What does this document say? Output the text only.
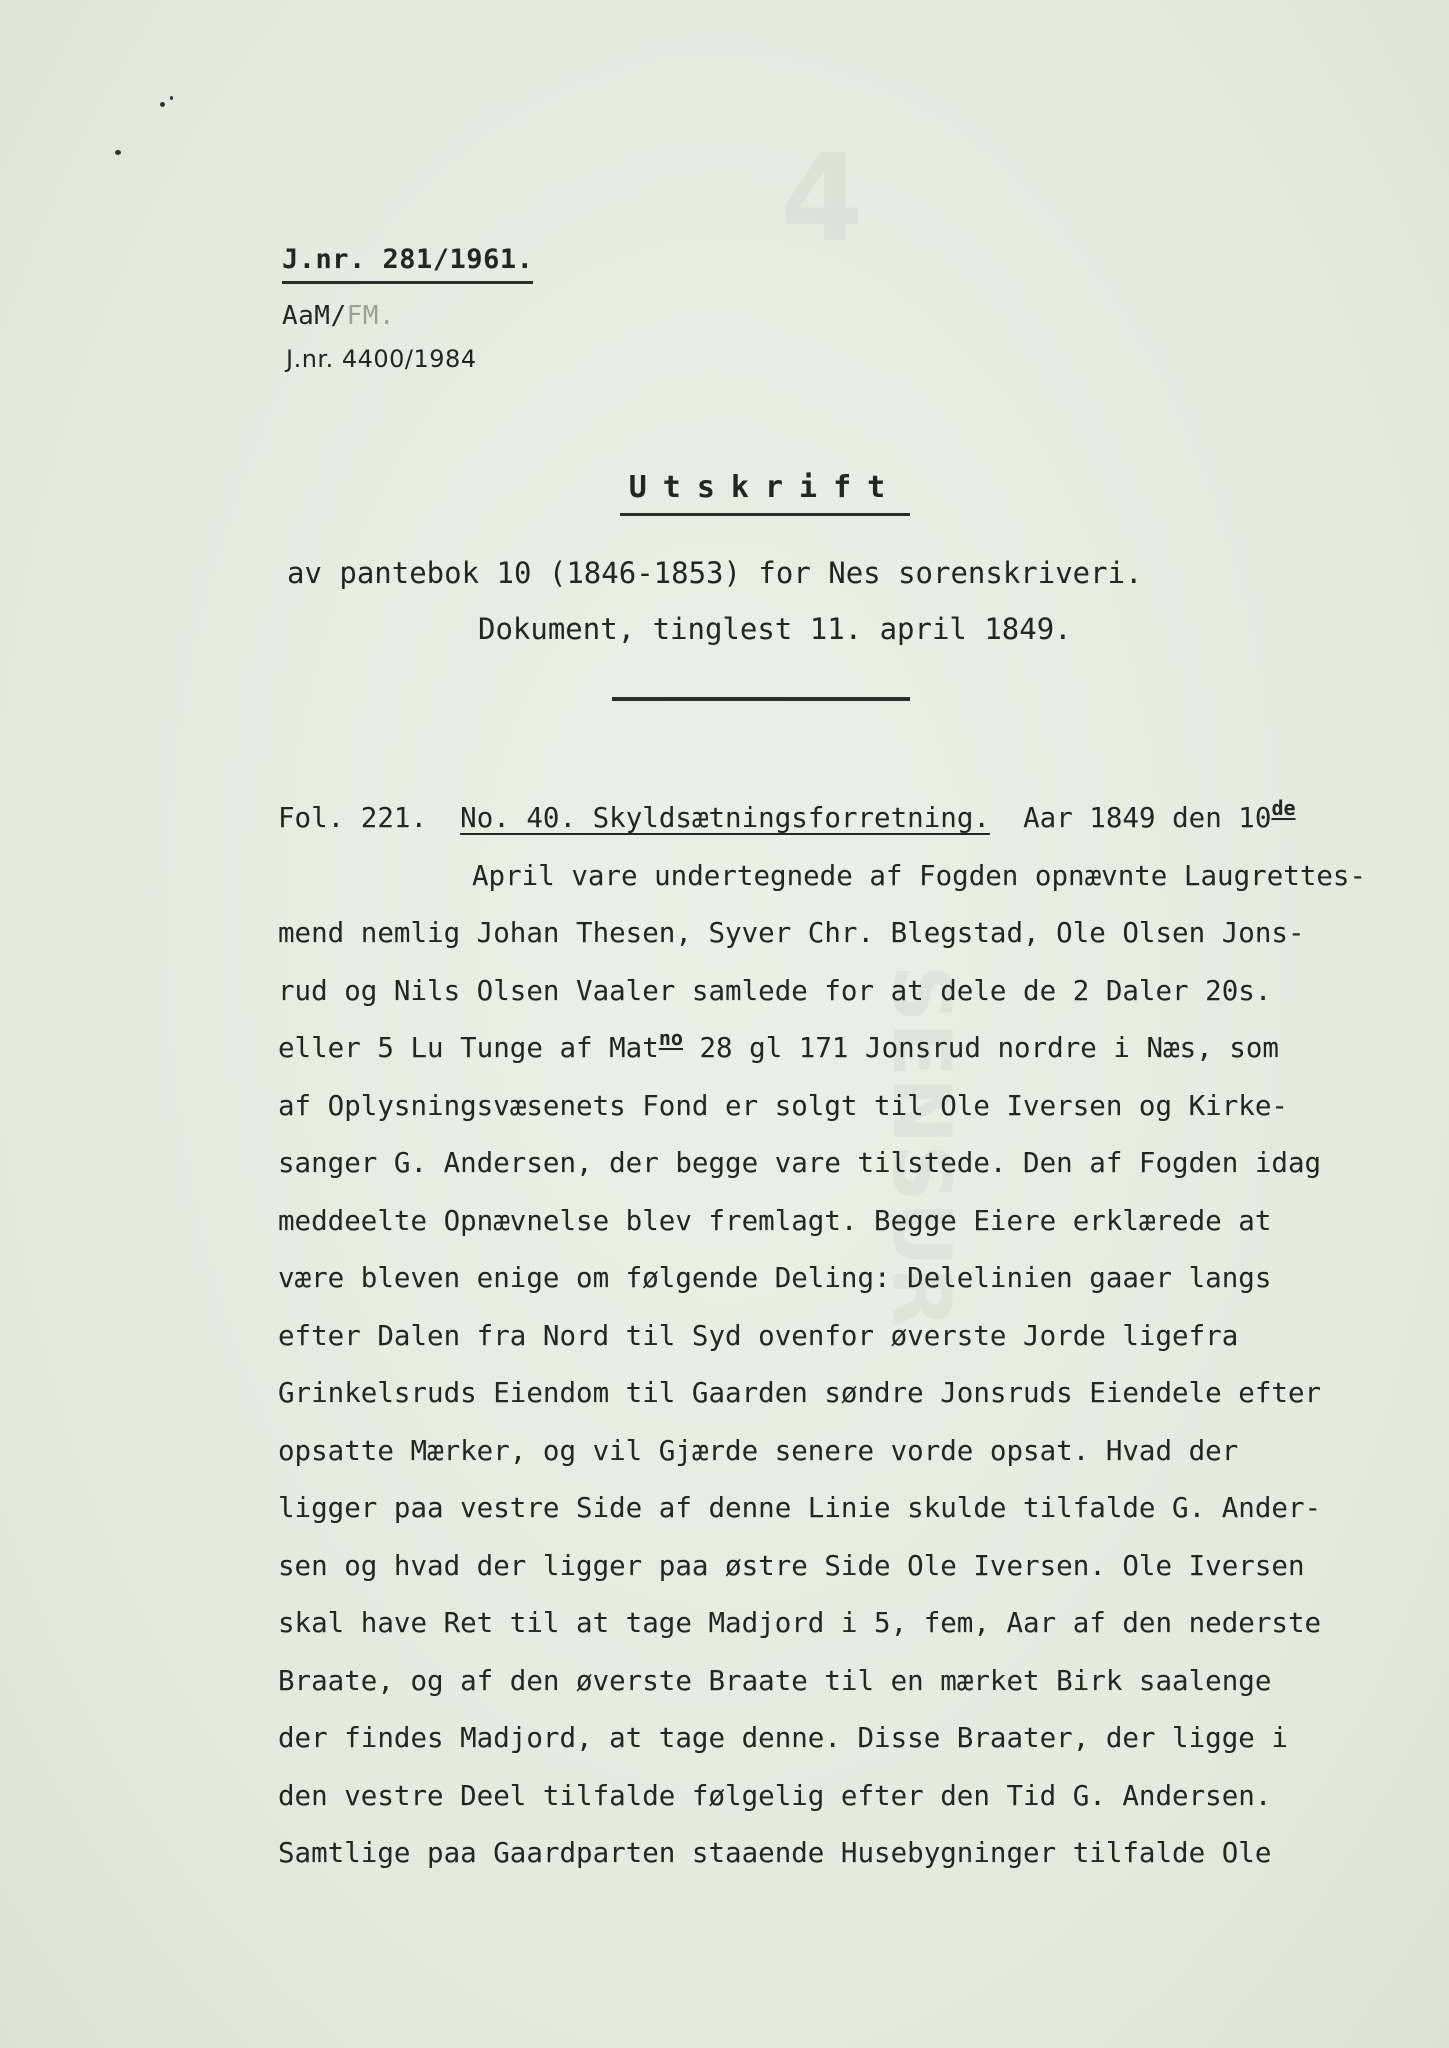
4
SENSUR
J.nr. 281/1961.
AaM/FM.
J.nr. 4400/1984
Utskrift
av pantebok 10 (1846-1853) for Nes sorenskriveri.
Dokument, tinglest 11. april 1849.
Fol. 221. No. 40. Skyldsætningsforretning. Aar 1849 den 10de
April vare undertegnede af Fogden opnævnte Laugrettes-
mend nemlig Johan Thesen, Syver Chr. Blegstad, Ole Olsen Jons-
rud og Nils Olsen Vaaler samlede for at dele de 2 Daler 20s.
eller 5 Lu Tunge af Mat$^{no}$ 28 gl 171 Jonsrud nordre i Næs, som
af Oplysningsvæsenets Fond er solgt til Ole Iversen og Kirke-
sanger G. Andersen, der begge vare tilstede. Den af Fogden idag
meddeelte Opnævnelse blev fremlagt. Begge Eiere erklærede at
være bleven enige om følgende Deling: Delelinien gaaer langs
efter Dalen fra Nord til Syd ovenfor øverste Jorde ligefra
Grinkelsruds Eiendom til Gaarden søndre Jonsruds Eiendele efter
opsatte Mærker, og vil Gjærde senere vorde opsat. Hvad der
ligger paa vestre Side af denne Linie skulde tilfalde G. Ander-
sen og hvad der ligger paa østre Side Ole Iversen. Ole Iversen
skal have Ret til at tage Madjord i 5, fem, Aar af den nederste
Braate, og af den øverste Braate til en mærket Birk saalenge
der findes Madjord, at tage denne. Disse Braater, der ligge i
den vestre Deel tilfalde følgelig efter den Tid G. Andersen.
Samtlige paa Gaardparten staaende Husebygninger tilfalde Ole
